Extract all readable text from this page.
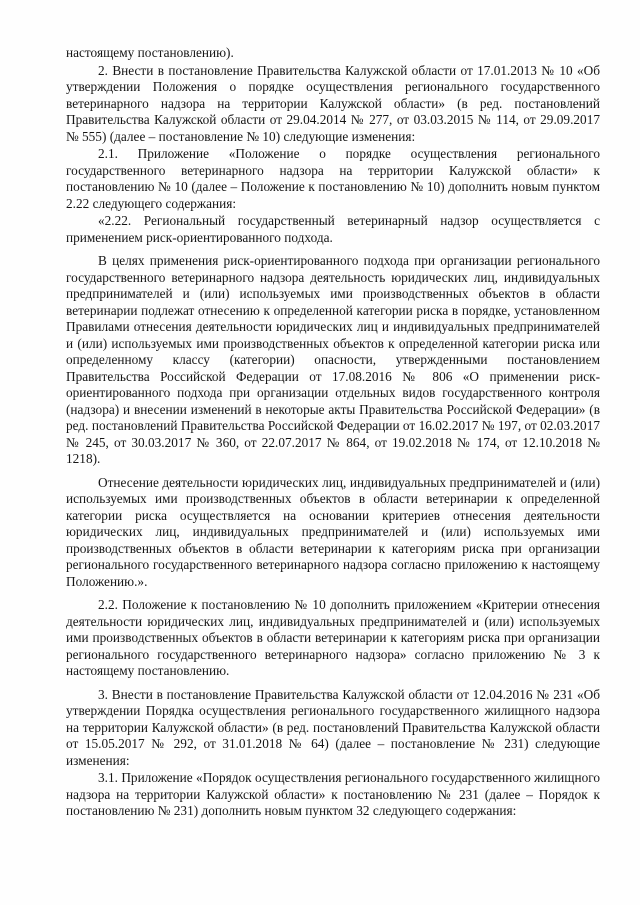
настоящему постановлению).

2. Внести в постановление Правительства Калужской области от 17.01.2013 № 10 «Об утверждении Положения о порядке осуществления регионального государственного ветеринарного надзора на территории Калужской области» (в ред. постановлений Правительства Калужской области от 29.04.2014 № 277, от 03.03.2015 № 114, от 29.09.2017 № 555) (далее – постановление № 10) следующие изменения:

2.1. Приложение «Положение о порядке осуществления регионального государственного ветеринарного надзора на территории Калужской области» к постановлению № 10 (далее – Положение к постановлению № 10) дополнить новым пунктом 2.22 следующего содержания:

«2.22. Региональный государственный ветеринарный надзор осуществляется с применением риск-ориентированного подхода.

В целях применения риск-ориентированного подхода при организации регионального государственного ветеринарного надзора деятельность юридических лиц, индивидуальных предпринимателей и (или) используемых ими производственных объектов в области ветеринарии подлежат отнесению к определенной категории риска в порядке, установленном Правилами отнесения деятельности юридических лиц и индивидуальных предпринимателей и (или) используемых ими производственных объектов к определенной категории риска или определенному классу (категории) опасности, утвержденными постановлением Правительства Российской Федерации от 17.08.2016 № 806 «О применении риск-ориентированного подхода при организации отдельных видов государственного контроля (надзора) и внесении изменений в некоторые акты Правительства Российской Федерации» (в ред. постановлений Правительства Российской Федерации от 16.02.2017 № 197, от 02.03.2017 № 245, от 30.03.2017 № 360, от 22.07.2017 № 864, от 19.02.2018 № 174, от 12.10.2018 № 1218).

Отнесение деятельности юридических лиц, индивидуальных предпринимателей и (или) используемых ими производственных объектов в области ветеринарии к определенной категории риска осуществляется на основании критериев отнесения деятельности юридических лиц, индивидуальных предпринимателей и (или) используемых ими производственных объектов в области ветеринарии к категориям риска при организации регионального государственного ветеринарного надзора согласно приложению к настоящему Положению.».

2.2. Положение к постановлению № 10 дополнить приложением «Критерии отнесения деятельности юридических лиц, индивидуальных предпринимателей и (или) используемых ими производственных объектов в области ветеринарии к категориям риска при организации регионального государственного ветеринарного надзора» согласно приложению № 3 к настоящему постановлению.

3. Внести в постановление Правительства Калужской области от 12.04.2016 № 231 «Об утверждении Порядка осуществления регионального государственного жилищного надзора на территории Калужской области» (в ред. постановлений Правительства Калужской области от 15.05.2017 № 292, от 31.01.2018 № 64) (далее – постановление № 231) следующие изменения:

3.1. Приложение «Порядок осуществления регионального государственного жилищного надзора на территории Калужской области» к постановлению № 231 (далее – Порядок к постановлению № 231) дополнить новым пунктом 32 следующего содержания:
